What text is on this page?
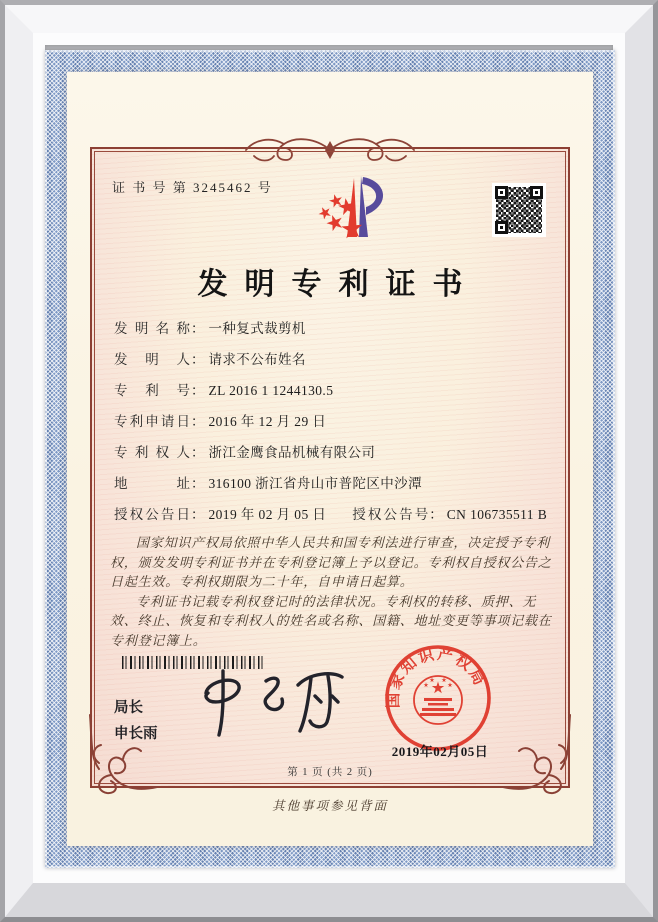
证 书 号 第 3245462 号
发明专利证书
发明名称 ： 一种复式裁剪机
发明人 ： 请求不公布姓名
专利号 ： ZL 2016 1 1244130.5
专利申请日 ： 2016 年 12 月 29 日
专利权人 ： 浙江金鹰食品机械有限公司
地址 ： 316100 浙江省舟山市普陀区中沙潭
授权公告日 ： 2019 年 02 月 05 日 授权公告号 ： CN 106735511 B

国家知识产权局依照中华人民共和国专利法进行审查，决定授予专利权，颁发发明专利证书并在专利登记簿上予以登记。专利权自授权公告之日起生效。专利权期限为二十年，自申请日起算。

专利证书记载专利权登记时的法律状况。专利权的转移、质押、无效、终止、恢复和专利权人的姓名或名称、国籍、地址变更等事项记载在专利登记簿上。

局长
申长雨
国家知识产权局
2019年02月05日
第 1 页 (共 2 页)
其他事项参见背面
